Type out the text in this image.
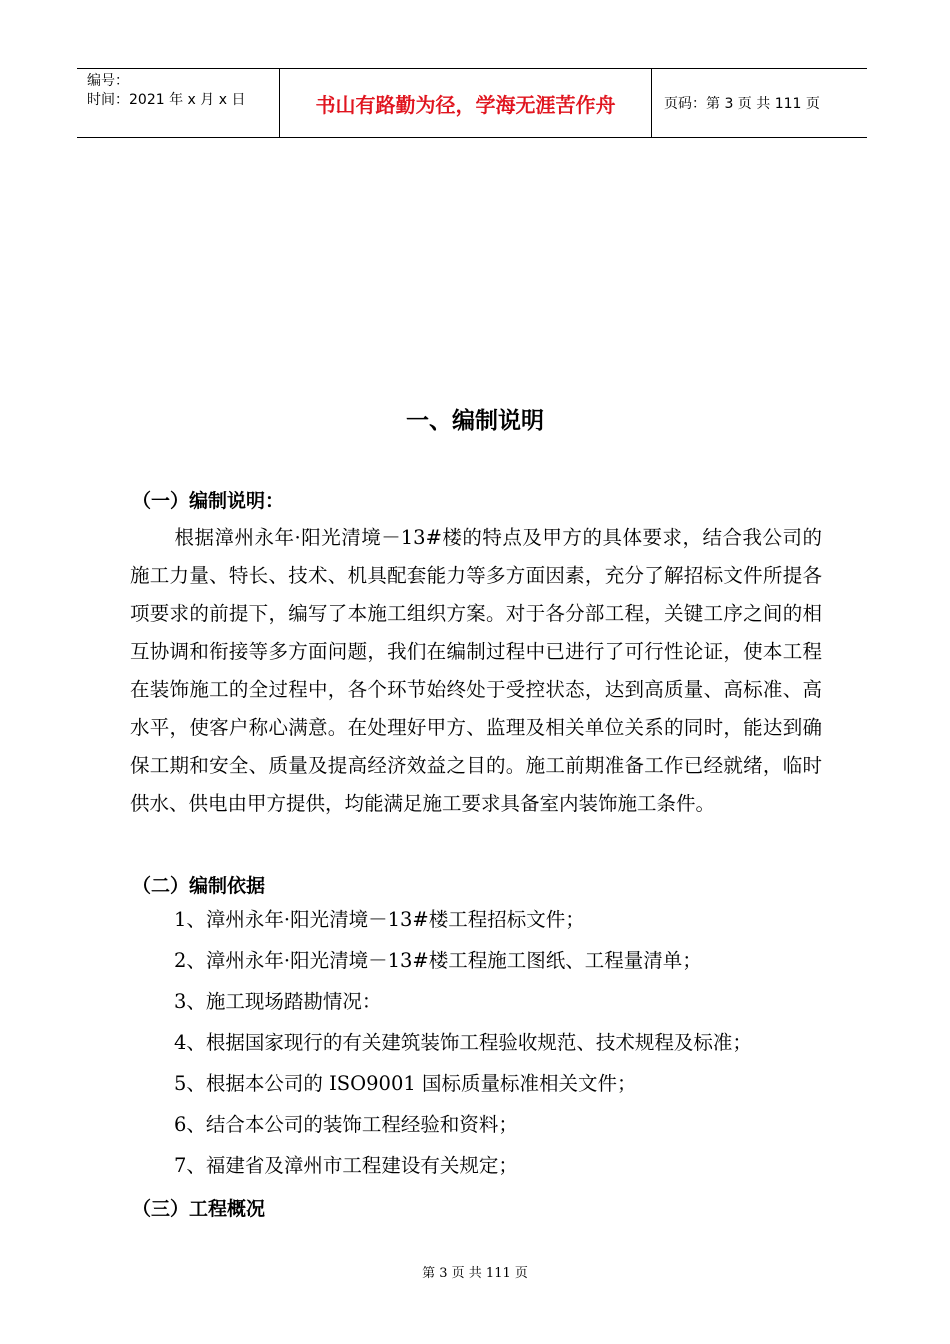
编号：
时间：2021 年 x 月 x 日	书山有路勤为径，学海无涯苦作舟	页码：第 3 页 共 111 页
一、编制说明
（一）编制说明：
根据漳州永年·阳光清境－13#楼的特点及甲方的具体要求，结合我公司的施工力量、特长、技术、机具配套能力等多方面因素，充分了解招标文件所提各项要求的前提下，编写了本施工组织方案。对于各分部工程，关键工序之间的相互协调和衔接等多方面问题，我们在编制过程中已进行了可行性论证，使本工程在装饰施工的全过程中，各个环节始终处于受控状态，达到高质量、高标准、高水平，使客户称心满意。在处理好甲方、监理及相关单位关系的同时，能达到确保工期和安全、质量及提高经济效益之目的。施工前期准备工作已经就绪，临时供水、供电由甲方提供，均能满足施工要求具备室内装饰施工条件。
（二）编制依据
1、漳州永年·阳光清境－13#楼工程招标文件；
2、漳州永年·阳光清境－13#楼工程施工图纸、工程量清单；
3、施工现场踏勘情况：
4、根据国家现行的有关建筑装饰工程验收规范、技术规程及标准；
5、根据本公司的 ISO9001 国标质量标准相关文件；
6、结合本公司的装饰工程经验和资料；
7、福建省及漳州市工程建设有关规定；
（三）工程概况
第 3 页 共 111 页
